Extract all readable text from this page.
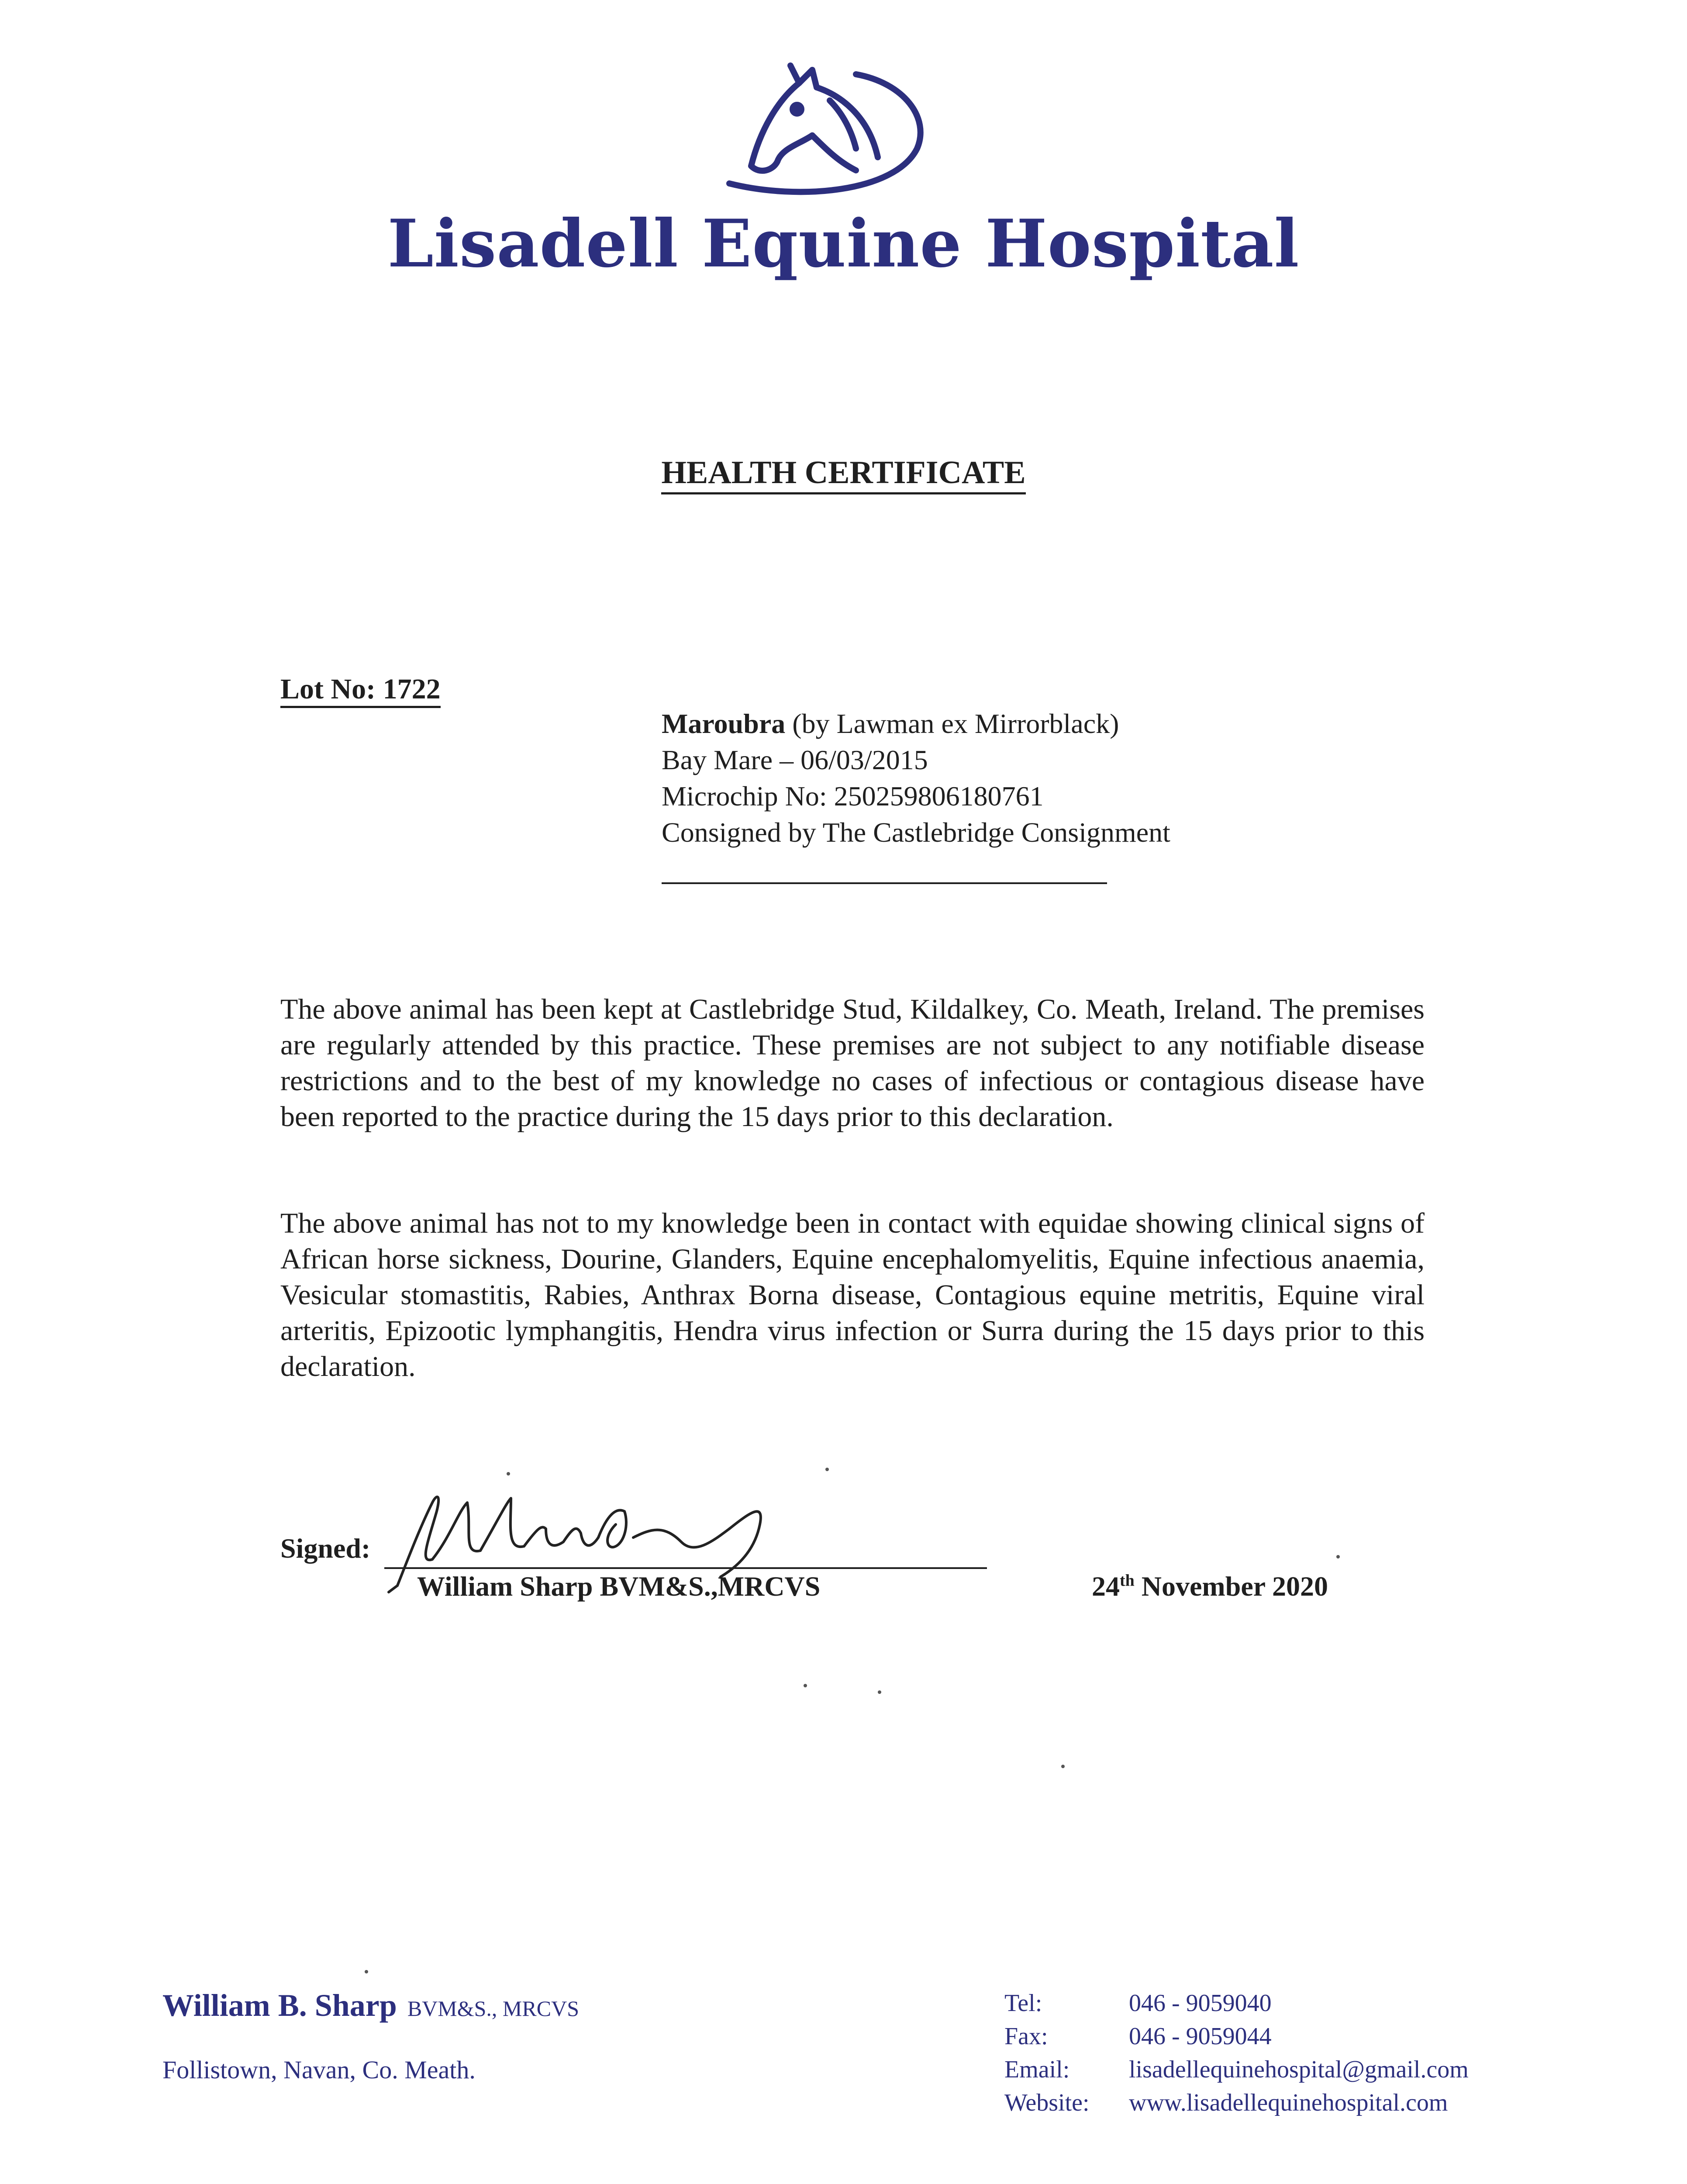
Lisadell Equine Hospital
HEALTH CERTIFICATE
Lot No: 1722
Maroubra (by Lawman ex Mirrorblack)
Bay Mare – 06/03/2015
Microchip No: 250259806180761
Consigned by The Castlebridge Consignment
The above animal has been kept at Castlebridge Stud, Kildalkey, Co. Meath, Ireland. The premises are regularly attended by this practice. These premises are not subject to any notifiable disease restrictions and to the best of my knowledge no cases of infectious or contagious disease have been reported to the practice during the 15 days prior to this declaration.
The above animal has not to my knowledge been in contact with equidae showing clinical signs of African horse sickness, Dourine, Glanders, Equine encephalomyelitis, Equine infectious anaemia, Vesicular stomastitis, Rabies, Anthrax Borna disease, Contagious equine metritis, Equine viral arteritis, Epizootic lymphangitis, Hendra virus infection or Surra during the 15 days prior to this declaration.
Signed:
William Sharp BVM&S.,MRCVS	24th November 2020
William B. Sharp BVM&S., MRCVS
Follistown, Navan, Co. Meath.
Tel:	046 - 9059040
Fax:	046 - 9059044
Email:	lisadellequinehospital@gmail.com
Website:	www.lisadellequinehospital.com
